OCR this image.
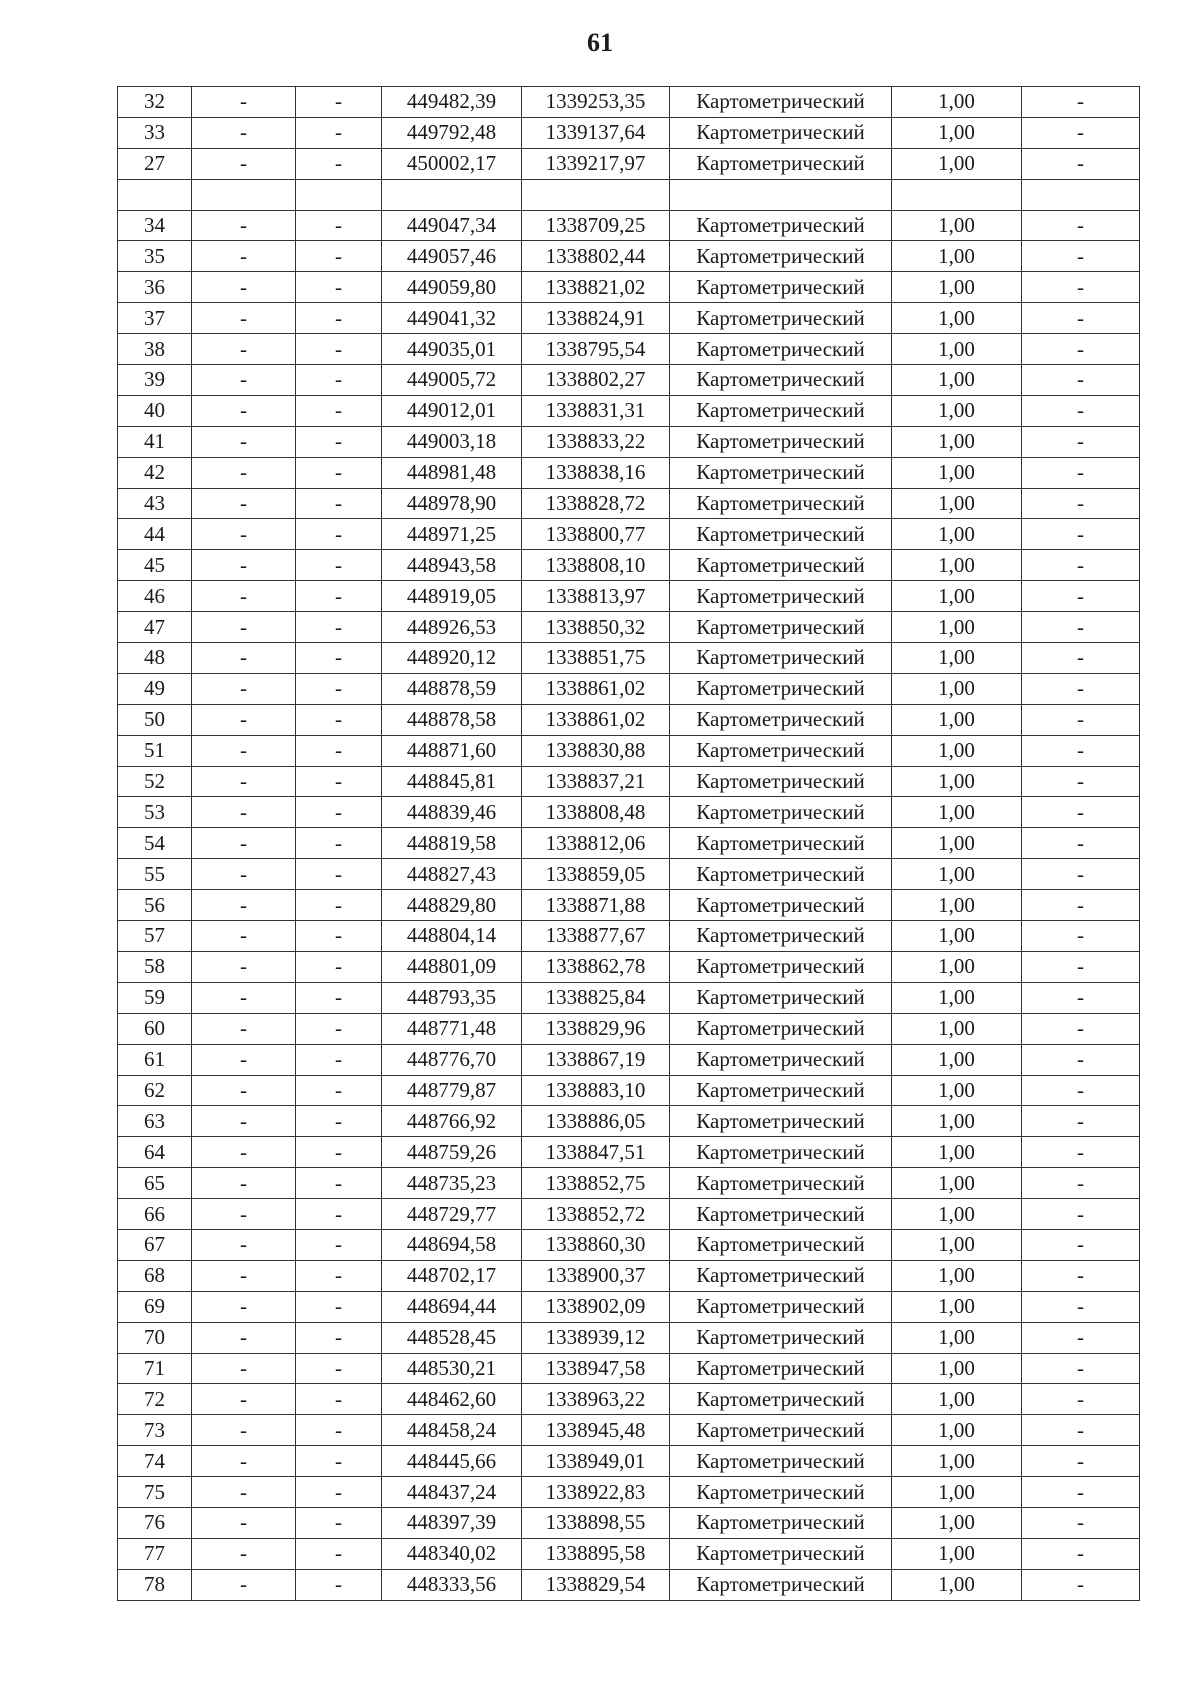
61
32	-	-	449482,39	1339253,35	Картометрический	1,00	-
33	-	-	449792,48	1339137,64	Картометрический	1,00	-
27	-	-	450002,17	1339217,97	Картометрический	1,00	-

34	-	-	449047,34	1338709,25	Картометрический	1,00	-
35	-	-	449057,46	1338802,44	Картометрический	1,00	-
36	-	-	449059,80	1338821,02	Картометрический	1,00	-
37	-	-	449041,32	1338824,91	Картометрический	1,00	-
38	-	-	449035,01	1338795,54	Картометрический	1,00	-
39	-	-	449005,72	1338802,27	Картометрический	1,00	-
40	-	-	449012,01	1338831,31	Картометрический	1,00	-
41	-	-	449003,18	1338833,22	Картометрический	1,00	-
42	-	-	448981,48	1338838,16	Картометрический	1,00	-
43	-	-	448978,90	1338828,72	Картометрический	1,00	-
44	-	-	448971,25	1338800,77	Картометрический	1,00	-
45	-	-	448943,58	1338808,10	Картометрический	1,00	-
46	-	-	448919,05	1338813,97	Картометрический	1,00	-
47	-	-	448926,53	1338850,32	Картометрический	1,00	-
48	-	-	448920,12	1338851,75	Картометрический	1,00	-
49	-	-	448878,59	1338861,02	Картометрический	1,00	-
50	-	-	448878,58	1338861,02	Картометрический	1,00	-
51	-	-	448871,60	1338830,88	Картометрический	1,00	-
52	-	-	448845,81	1338837,21	Картометрический	1,00	-
53	-	-	448839,46	1338808,48	Картометрический	1,00	-
54	-	-	448819,58	1338812,06	Картометрический	1,00	-
55	-	-	448827,43	1338859,05	Картометрический	1,00	-
56	-	-	448829,80	1338871,88	Картометрический	1,00	-
57	-	-	448804,14	1338877,67	Картометрический	1,00	-
58	-	-	448801,09	1338862,78	Картометрический	1,00	-
59	-	-	448793,35	1338825,84	Картометрический	1,00	-
60	-	-	448771,48	1338829,96	Картометрический	1,00	-
61	-	-	448776,70	1338867,19	Картометрический	1,00	-
62	-	-	448779,87	1338883,10	Картометрический	1,00	-
63	-	-	448766,92	1338886,05	Картометрический	1,00	-
64	-	-	448759,26	1338847,51	Картометрический	1,00	-
65	-	-	448735,23	1338852,75	Картометрический	1,00	-
66	-	-	448729,77	1338852,72	Картометрический	1,00	-
67	-	-	448694,58	1338860,30	Картометрический	1,00	-
68	-	-	448702,17	1338900,37	Картометрический	1,00	-
69	-	-	448694,44	1338902,09	Картометрический	1,00	-
70	-	-	448528,45	1338939,12	Картометрический	1,00	-
71	-	-	448530,21	1338947,58	Картометрический	1,00	-
72	-	-	448462,60	1338963,22	Картометрический	1,00	-
73	-	-	448458,24	1338945,48	Картометрический	1,00	-
74	-	-	448445,66	1338949,01	Картометрический	1,00	-
75	-	-	448437,24	1338922,83	Картометрический	1,00	-
76	-	-	448397,39	1338898,55	Картометрический	1,00	-
77	-	-	448340,02	1338895,58	Картометрический	1,00	-
78	-	-	448333,56	1338829,54	Картометрический	1,00	-
